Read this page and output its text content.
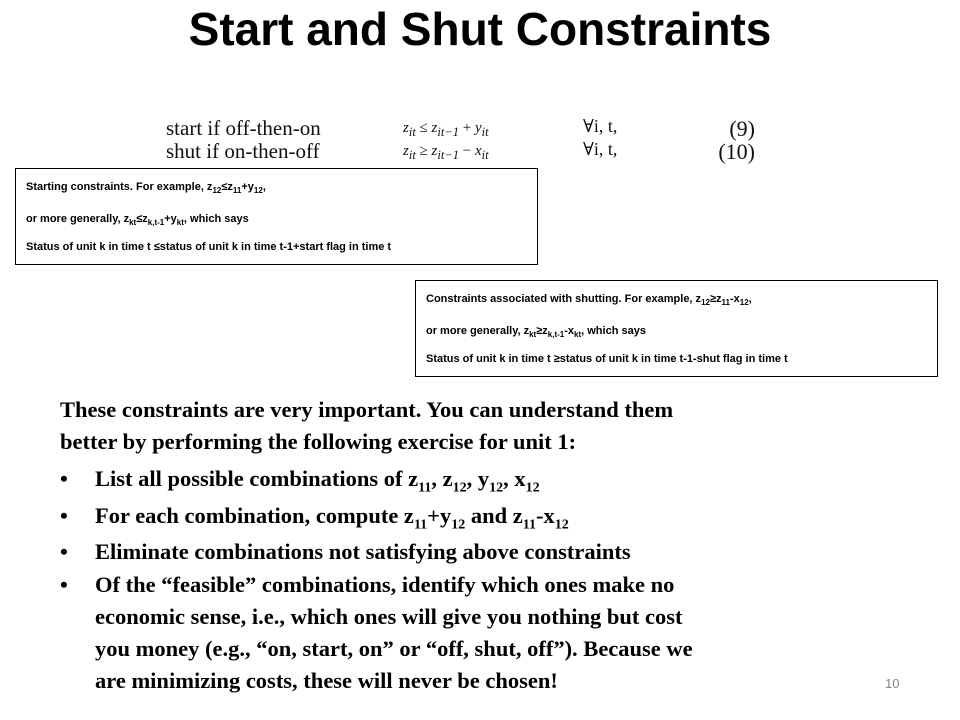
Start and Shut Constraints
start if off-then-on	$z_{it} \le z_{it-1} + y_{it}$	∀i, t,	(9)
shut if on-then-off	$z_{it} \ge z_{it-1} - x_{it}$	∀i, t,	(10)
Starting constraints. For example, $z_{12}\le z_{11}+y_{12}$,
or more generally, $z_{kt}\le z_{k,t-1}+y_{kt}$, which says
Status of unit k in time t ≤status of unit k in time t-1+start flag in time t
Constraints associated with shutting. For example, $z_{12}\ge z_{11}-x_{12}$,
or more generally, $z_{kt}\ge z_{k,t-1}-x_{kt}$, which says
Status of unit k in time t ≥status of unit k in time t-1-shut flag in time t
These constraints are very important. You can understand them
better by performing the following exercise for unit 1:
• List all possible combinations of $z_{11}$, $z_{12}$, $y_{12}$, $x_{12}$
• For each combination, compute $z_{11}+y_{12}$ and $z_{11}-x_{12}$
• Eliminate combinations not satisfying above constraints
• Of the “feasible” combinations, identify which ones make no
economic sense, i.e., which ones will give you nothing but cost
you money (e.g., “on, start, on” or “off, shut, off”). Because we
are minimizing costs, these will never be chosen!	10
